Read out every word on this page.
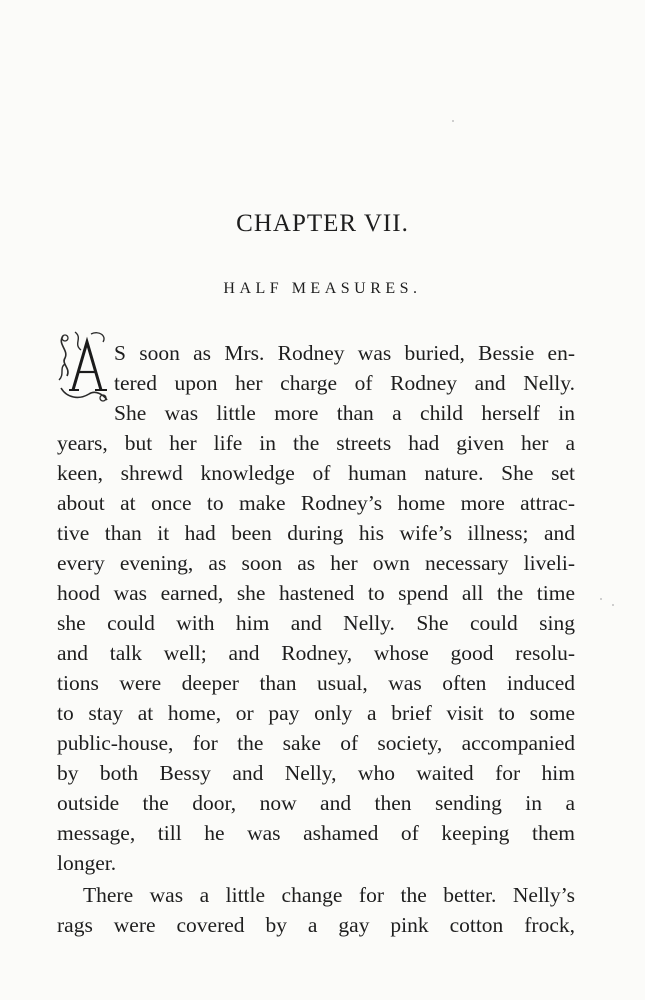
CHAPTER VII.
HALF MEASURES.
S soon as Mrs. Rodney was buried, Bessie en-
tered upon her charge of Rodney and Nelly.
She was little more than a child herself in
years, but her life in the streets had given her a
keen, shrewd knowledge of human nature. She set
about at once to make Rodney’s home more attrac-
tive than it had been during his wife’s illness; and
every evening, as soon as her own necessary liveli-
hood was earned, she hastened to spend all the time
she could with him and Nelly. She could sing
and talk well; and Rodney, whose good resolu-
tions were deeper than usual, was often induced
to stay at home, or pay only a brief visit to some
public-house, for the sake of society, accompanied
by both Bessy and Nelly, who waited for him
outside the door, now and then sending in a
message, till he was ashamed of keeping them
longer.
There was a little change for the better. Nelly’s
rags were covered by a gay pink cotton frock,
